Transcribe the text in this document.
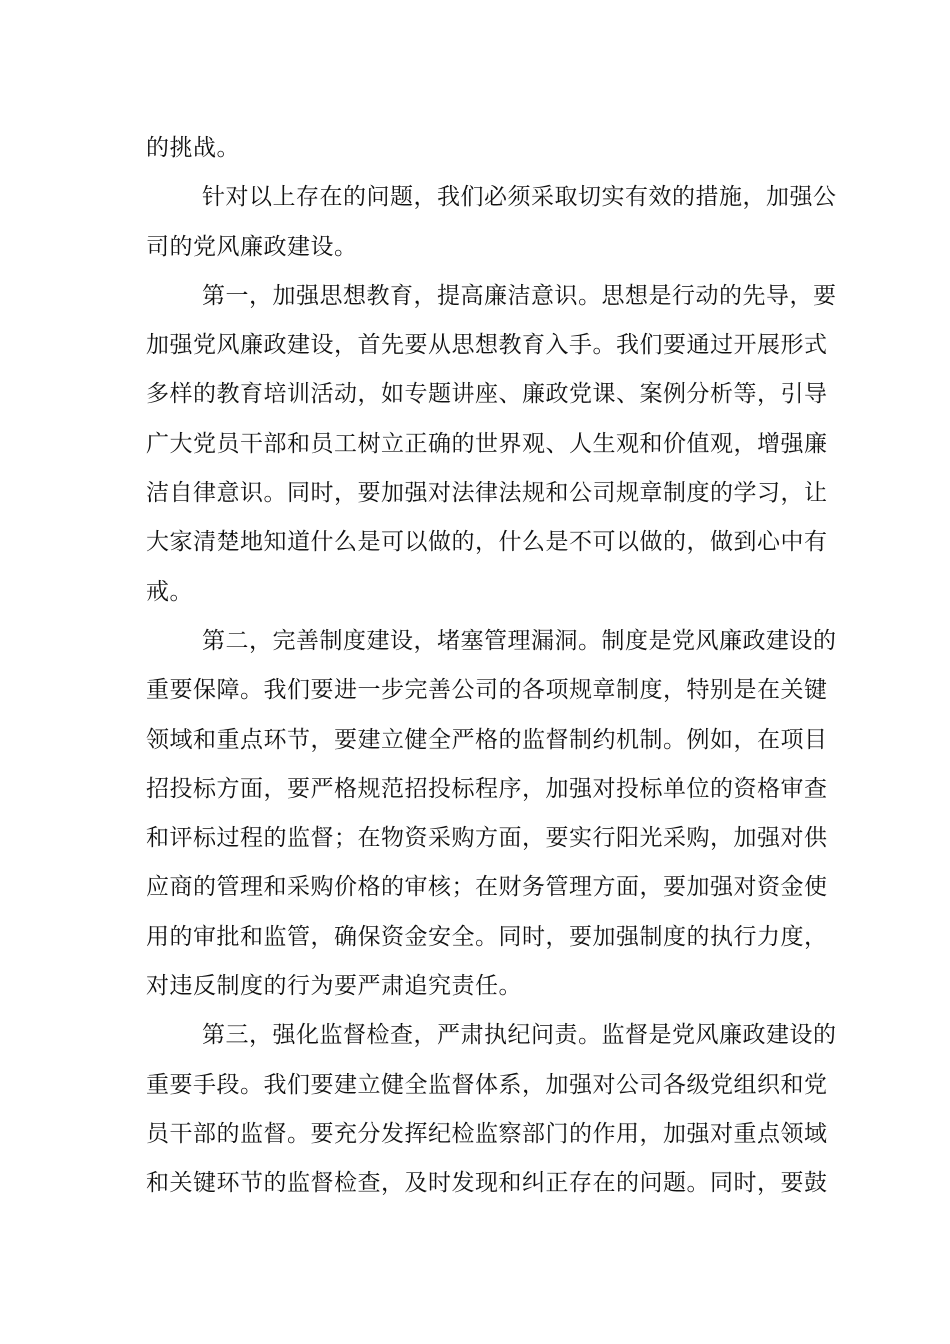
的挑战。
针对以上存在的问题，我们必须采取切实有效的措施，加强公
司的党风廉政建设。
第一，加强思想教育，提高廉洁意识。思想是行动的先导，要
加强党风廉政建设，首先要从思想教育入手。我们要通过开展形式
多样的教育培训活动，如专题讲座、廉政党课、案例分析等，引导
广大党员干部和员工树立正确的世界观、人生观和价值观，增强廉
洁自律意识。同时，要加强对法律法规和公司规章制度的学习，让
大家清楚地知道什么是可以做的，什么是不可以做的，做到心中有
戒。
第二，完善制度建设，堵塞管理漏洞。制度是党风廉政建设的
重要保障。我们要进一步完善公司的各项规章制度，特别是在关键
领域和重点环节，要建立健全严格的监督制约机制。例如，在项目
招投标方面，要严格规范招投标程序，加强对投标单位的资格审查
和评标过程的监督；在物资采购方面，要实行阳光采购，加强对供
应商的管理和采购价格的审核；在财务管理方面，要加强对资金使
用的审批和监管，确保资金安全。同时，要加强制度的执行力度，
对违反制度的行为要严肃追究责任。
第三，强化监督检查，严肃执纪问责。监督是党风廉政建设的
重要手段。我们要建立健全监督体系，加强对公司各级党组织和党
员干部的监督。要充分发挥纪检监察部门的作用，加强对重点领域
和关键环节的监督检查，及时发现和纠正存在的问题。同时，要鼓
